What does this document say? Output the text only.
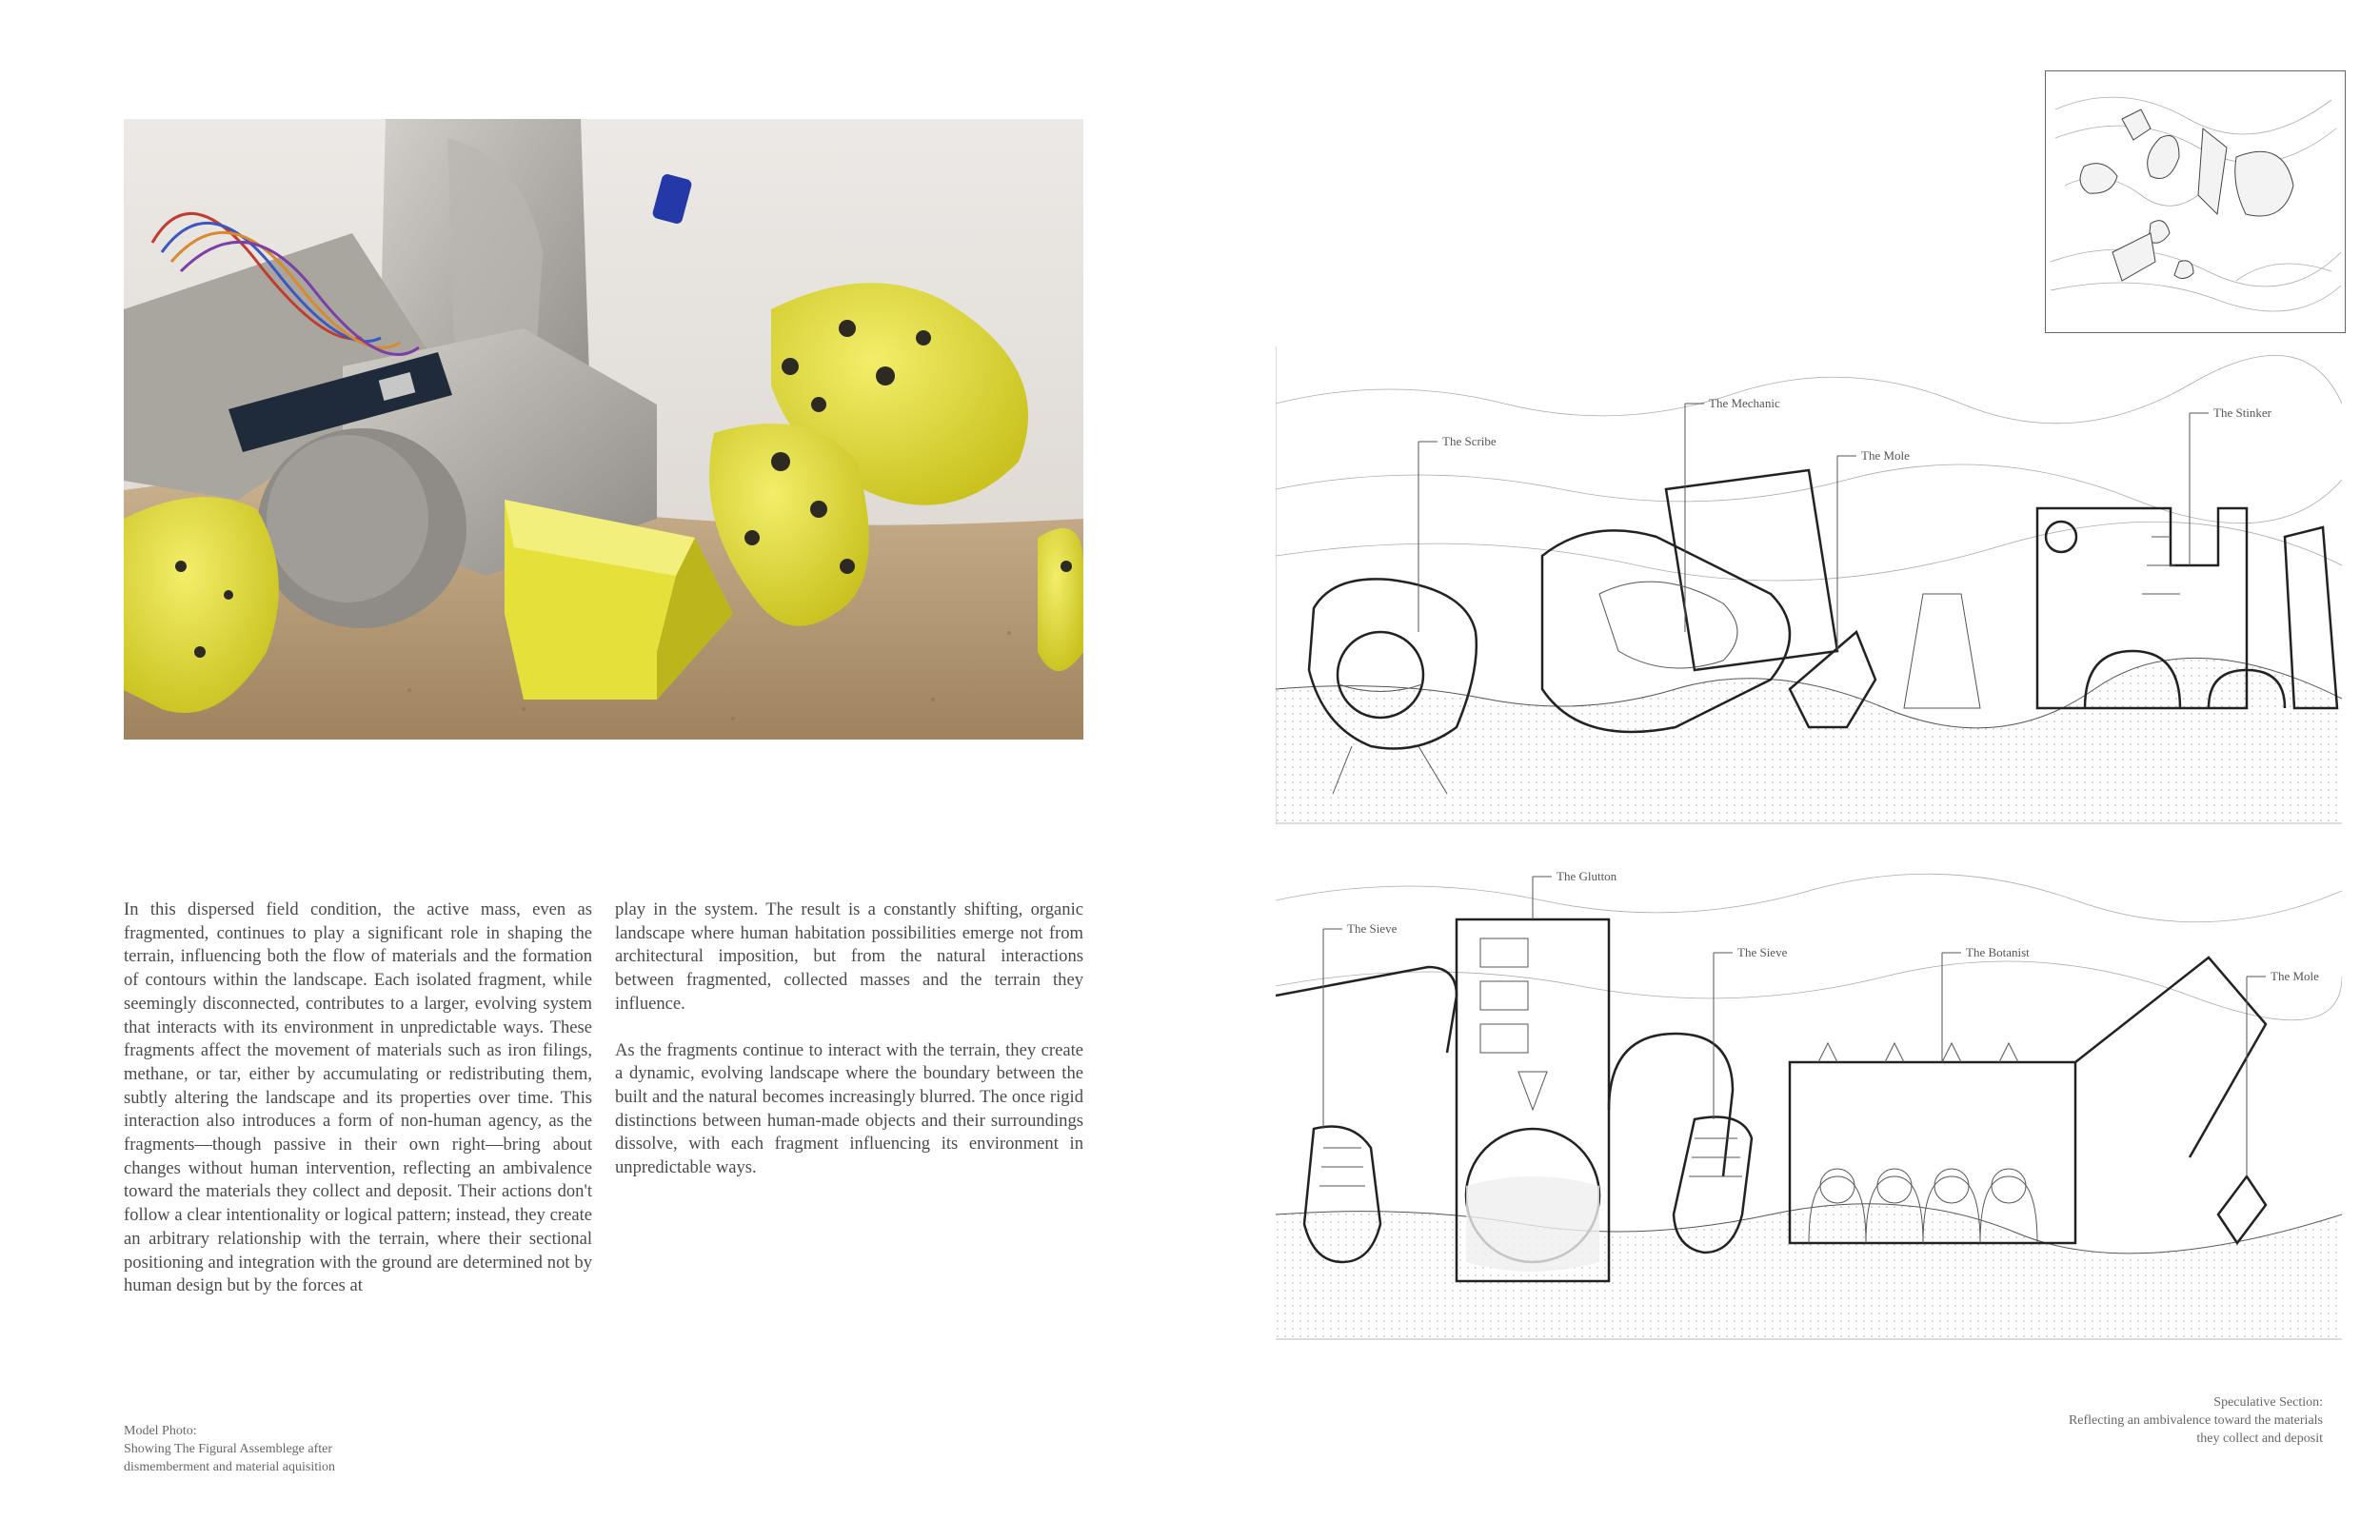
In this dispersed field condition, the active mass, even as fragmented, continues to play a significant role in shaping the terrain, influencing both the flow of materials and the formation of contours within the landscape. Each isolated fragment, while seemingly disconnected, contributes to a larger, evolving system that interacts with its environment in unpredictable ways. These fragments affect the movement of materials such as iron filings, methane, or tar, either by accumulating or redistributing them, subtly altering the landscape and its properties over time. This interaction also introduces a form of non-human agency, as the fragments—though passive in their own right—bring about changes without human intervention, reflecting an ambivalence toward the materials they collect and deposit. Their actions don't follow a clear intentionality or logical pattern; instead, they create an arbitrary relationship with the terrain, where their sectional positioning and integration with the ground are determined not by human design but by the forces at

play in the system. The result is a constantly shifting, organic landscape where human habitation possibilities emerge not from architectural imposition, but from the natural interactions between fragmented, collected masses and the terrain they influence.

As the fragments continue to interact with the terrain, they create a dynamic, evolving landscape where the boundary between the built and the natural becomes increasingly blurred. The once rigid distinctions between human-made objects and their surroundings dissolve, with each fragment influencing its environment in unpredictable ways.

Model Photo:
Showing The Figural Assemblege after
dismemberment and material aquisition
Speculative Section:
Reflecting an ambivalence toward the materials
they collect and deposit
The Scribe
The Mechanic
The Mole
The Stinker
The Sieve
The Glutton
The Sieve	The Botanist
The Mole
